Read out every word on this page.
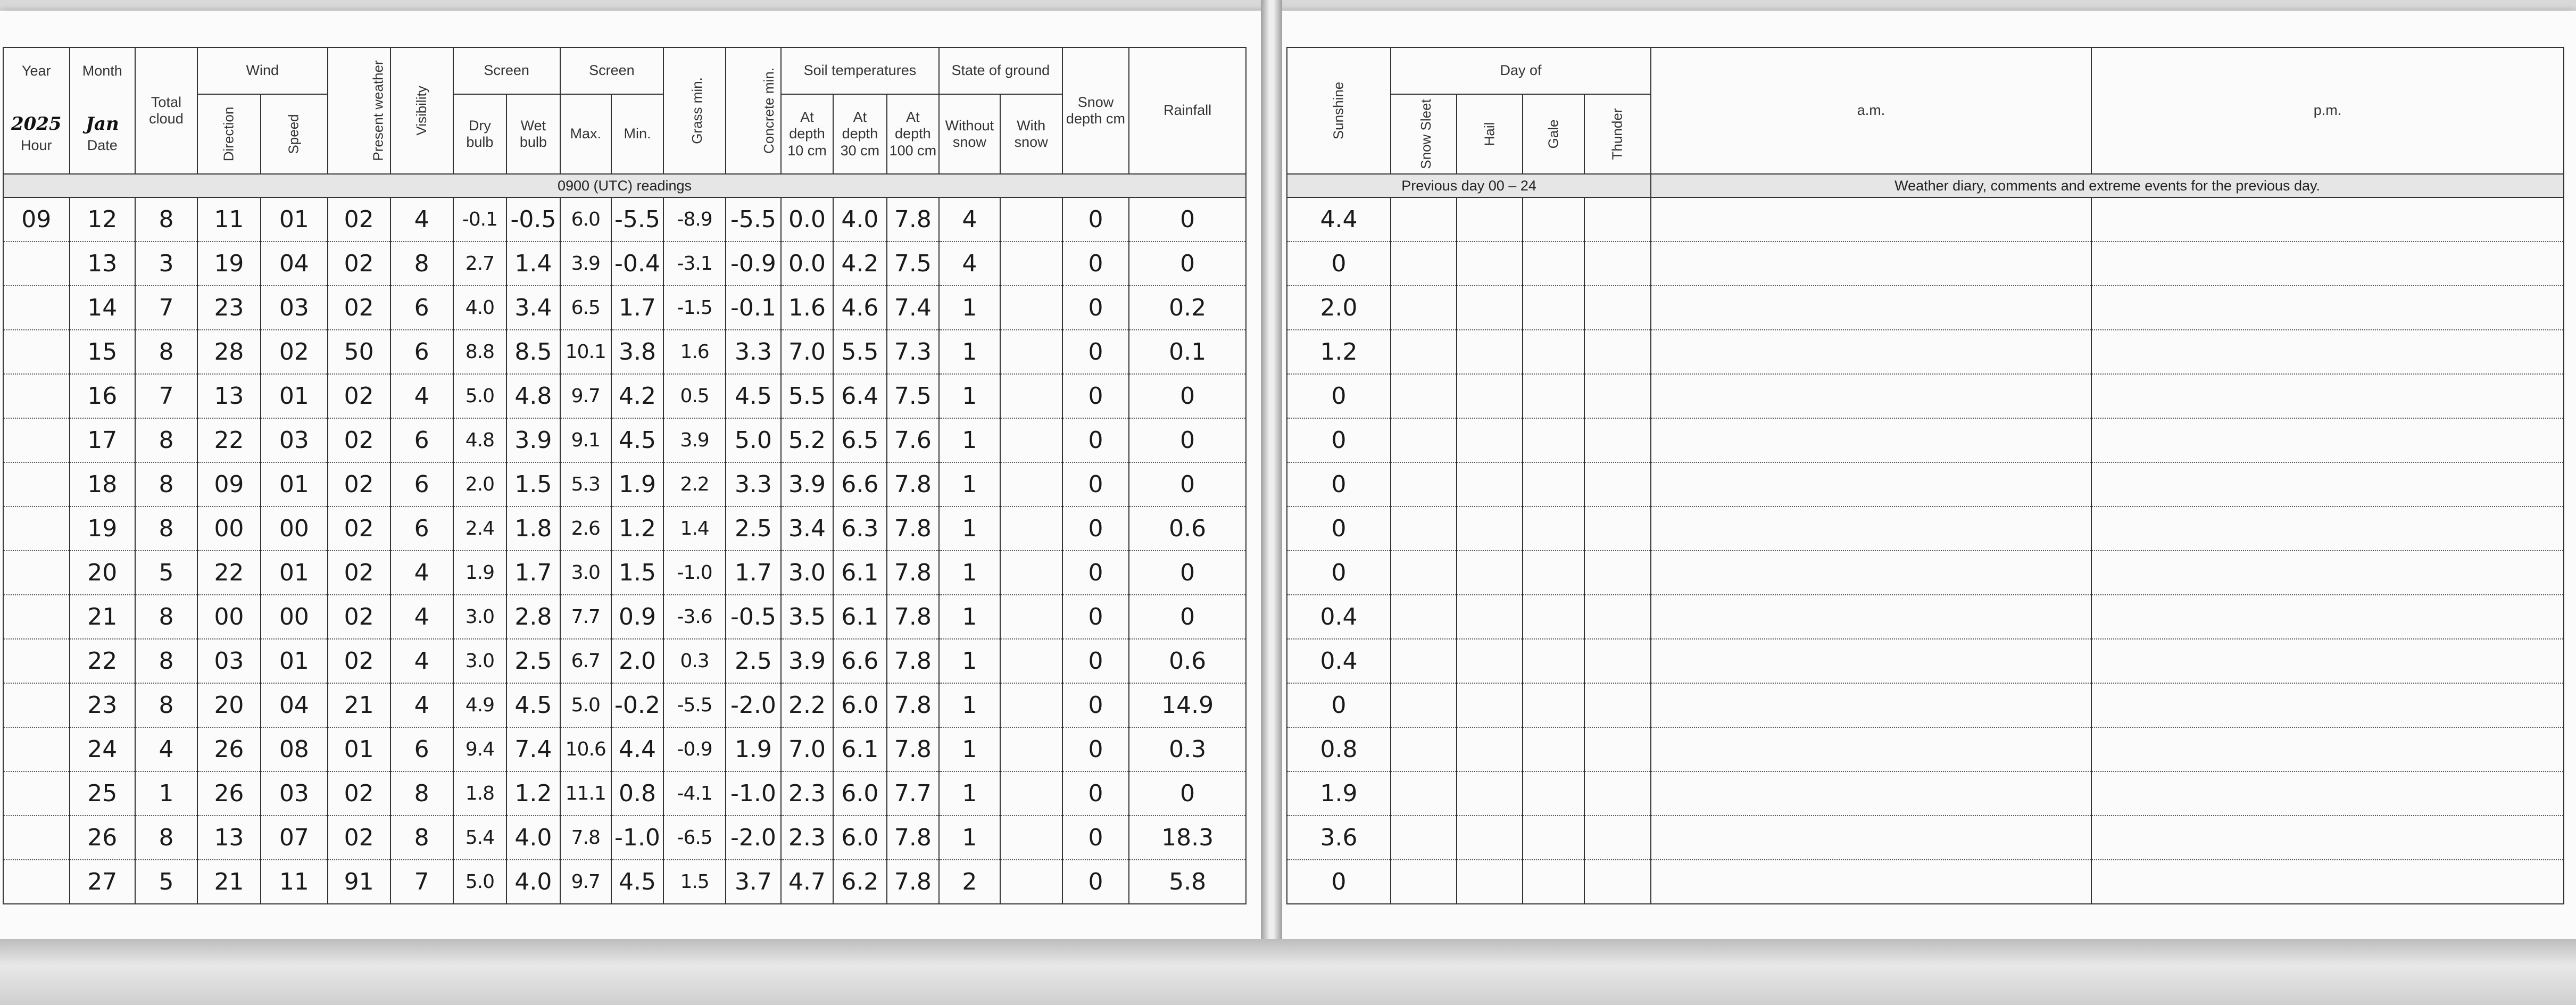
Year	Month	Total cloud	Wind		Present weather	Visibility	Screen		Screen		Grass min.	Concrete min.	Soil temperatures			State of ground		Snow depth cm	Rainfall

2025
Hour	Jan
Date		Direction	Speed			Dry bulb	Wet bulb	Max.	Min.			At depth 10 cm	At depth 30 cm	At depth 100 cm	Without snow	With snow		
0900 (UTC) readings																			
09	12	8	11	01	02	4	-0.1	-0.5	6.0	-5.5	-8.9	-5.5	0.0	4.0	7.8	4		0	0
	13	3	19	04	02	8	2.7	1.4	3.9	-0.4	-3.1	-0.9	0.0	4.2	7.5	4		0	0
	14	7	23	03	02	6	4.0	3.4	6.5	1.7	-1.5	-0.1	1.6	4.6	7.4	1		0	0.2
	15	8	28	02	50	6	8.8	8.5	10.1	3.8	1.6	3.3	7.0	5.5	7.3	1		0	0.1
	16	7	13	01	02	4	5.0	4.8	9.7	4.2	0.5	4.5	5.5	6.4	7.5	1		0	0
	17	8	22	03	02	6	4.8	3.9	9.1	4.5	3.9	5.0	5.2	6.5	7.6	1		0	0
	18	8	09	01	02	6	2.0	1.5	5.3	1.9	2.2	3.3	3.9	6.6	7.8	1		0	0
	19	8	00	00	02	6	2.4	1.8	2.6	1.2	1.4	2.5	3.4	6.3	7.8	1		0	0.6
	20	5	22	01	02	4	1.9	1.7	3.0	1.5	-1.0	1.7	3.0	6.1	7.8	1		0	0
	21	8	00	00	02	4	3.0	2.8	7.7	0.9	-3.6	-0.5	3.5	6.1	7.8	1		0	0
	22	8	03	01	02	4	3.0	2.5	6.7	2.0	0.3	2.5	3.9	6.6	7.8	1		0	0.6
	23	8	20	04	21	4	4.9	4.5	5.0	-0.2	-5.5	-2.0	2.2	6.0	7.8	1		0	14.9
	24	4	26	08	01	6	9.4	7.4	10.6	4.4	-0.9	1.9	7.0	6.1	7.8	1		0	0.3
	25	1	26	03	02	8	1.8	1.2	11.1	0.8	-4.1	-1.0	2.3	6.0	7.7	1		0	0
	26	8	13	07	02	8	5.4	4.0	7.8	-1.0	-6.5	-2.0	2.3	6.0	7.8	1		0	18.3
	27	5	21	11	91	7	5.0	4.0	9.7	4.5	1.5	3.7	4.7	6.2	7.8	2		0	5.8
Sunshine	Day of				a.m.	p.m.
	Snow Sleet	Hail	Gale	Thunder		
Previous day 00 – 24					Weather diary, comments and extreme events for the previous day.	
4.4						
0						
2.0						
1.2						
0						
0						
0						
0						
0						
0.4						
0.4						
0						
0.8						
1.9						
3.6						
0						
